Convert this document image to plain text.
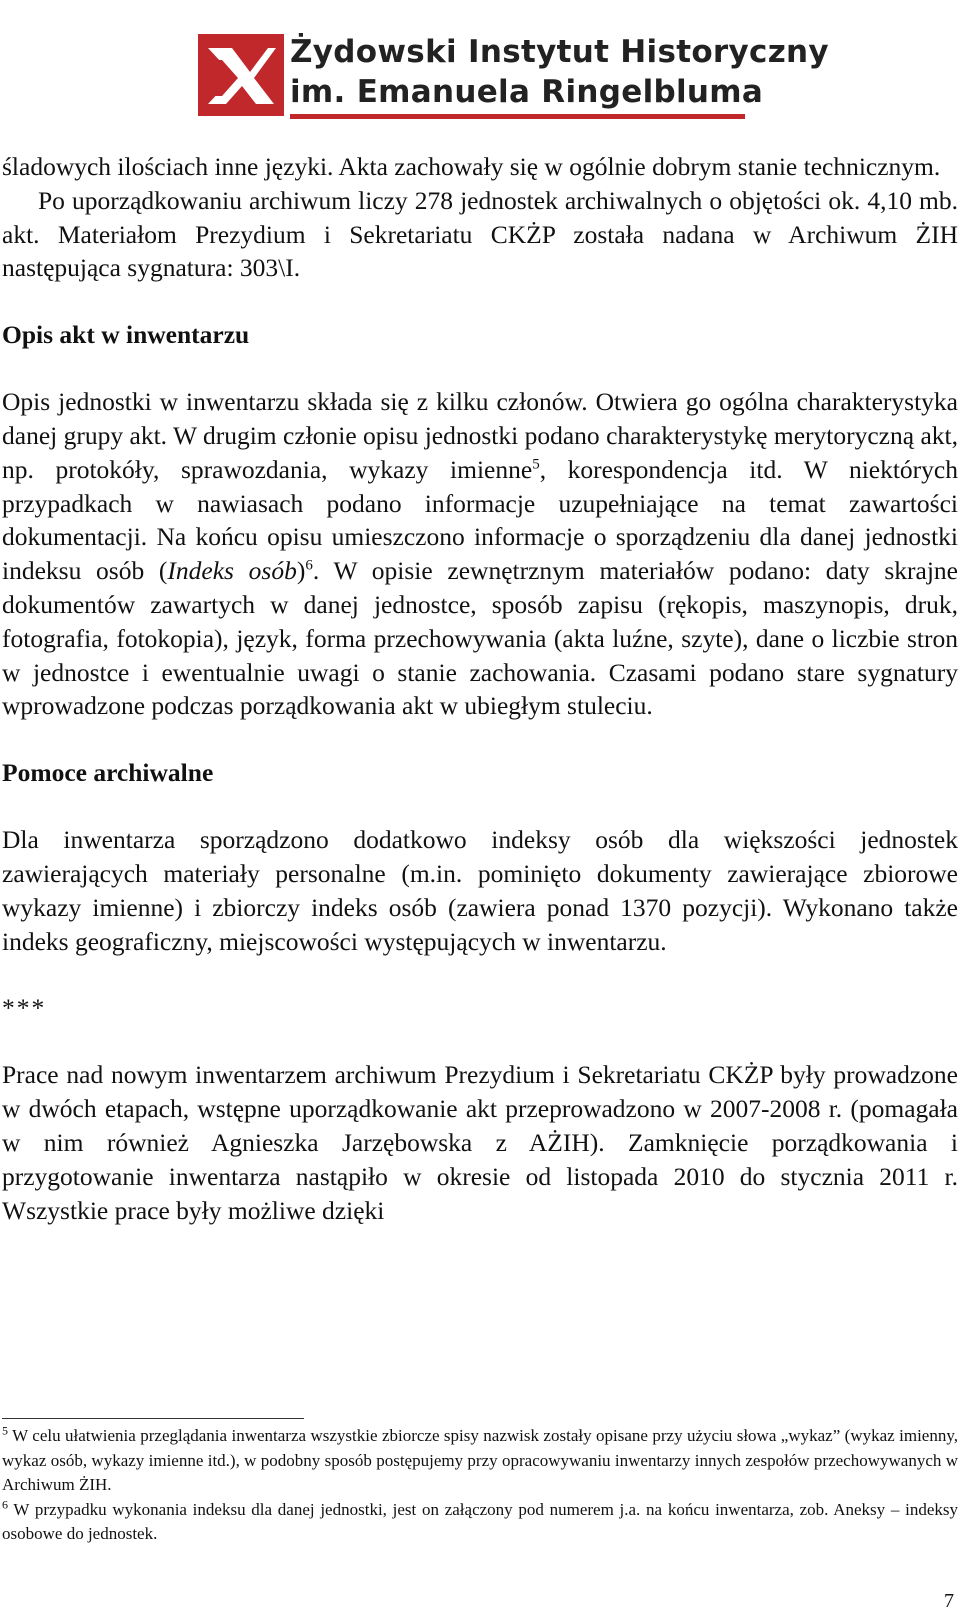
Żydowski Instytut Historyczny
im. Emanuela Ringelbluma

śladowych ilościach inne języki. Akta zachowały się w ogólnie dobrym stanie technicznym.

Po uporządkowaniu archiwum liczy 278 jednostek archiwalnych o objętości ok. 4,10 mb. akt. Materiałom Prezydium i Sekretariatu CKŻP została nadana w Archiwum ŻIH następująca sygnatura: 303\I.

Opis akt w inwentarzu

Opis jednostki w inwentarzu składa się z kilku członów. Otwiera go ogólna charakterystyka danej grupy akt. W drugim członie opisu jednostki podano charakterystykę merytoryczną akt, np. protokóły, sprawozdania, wykazy imienne$^5$, korespondencja itd. W niektórych przypadkach w nawiasach podano informacje uzupełniające na temat zawartości dokumentacji. Na końcu opisu umieszczono informacje o sporządzeniu dla danej jednostki indeksu osób (Indeks osób)$^6$. W opisie zewnętrznym materiałów podano: daty skrajne dokumentów zawartych w danej jednostce, sposób zapisu (rękopis, maszynopis, druk, fotografia, fotokopia), język, forma przechowywania (akta luźne, szyte), dane o liczbie stron w jednostce i ewentualnie uwagi o stanie zachowania. Czasami podano stare sygnatury wprowadzone podczas porządkowania akt w ubiegłym stuleciu.

Pomoce archiwalne

Dla inwentarza sporządzono dodatkowo indeksy osób dla większości jednostek zawierających materiały personalne (m.in. pominięto dokumenty zawierające zbiorowe wykazy imienne) i zbiorczy indeks osób (zawiera ponad 1370 pozycji). Wykonano także indeks geograficzny, miejscowości występujących w inwentarzu.

***

Prace nad nowym inwentarzem archiwum Prezydium i Sekretariatu CKŻP były prowadzone w dwóch etapach, wstępne uporządkowanie akt przeprowadzono w 2007-2008 r. (pomagała w nim również Agnieszka Jarzębowska z AŻIH). Zamknięcie porządkowania i przygotowanie inwentarza nastąpiło w okresie od listopada 2010 do stycznia 2011 r. Wszystkie prace były możliwe dzięki

$^5$ W celu ułatwienia przeglądania inwentarza wszystkie zbiorcze spisy nazwisk zostały opisane przy użyciu słowa „wykaz” (wykaz imienny, wykaz osób, wykazy imienne itd.), w podobny sposób postępujemy przy opracowywaniu inwentarzy innych zespołów przechowywanych w Archiwum ŻIH.

$^6$ W przypadku wykonania indeksu dla danej jednostki, jest on załączony pod numerem j.a. na końcu inwentarza, zob. Aneksy – indeksy osobowe do jednostek.

7
